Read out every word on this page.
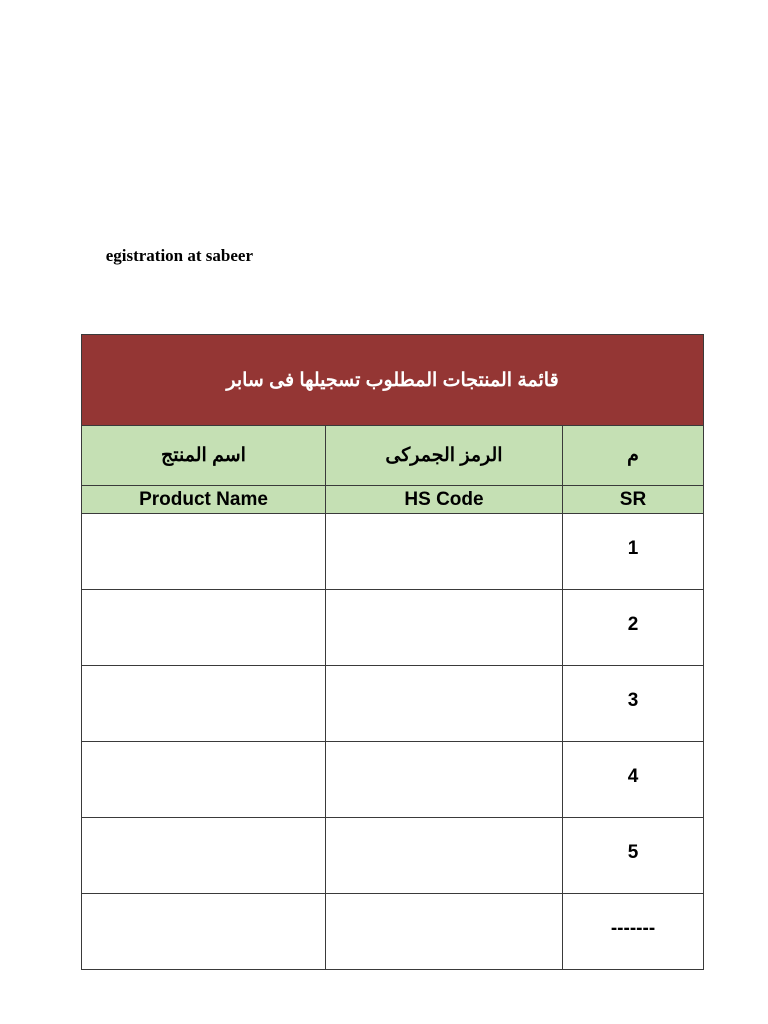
egistration at sabeer
قائمة المنتجات المطلوب تسجيلها فى سابر		
اسم المنتج	الرمز الجمركى	م
Product Name	HS Code	SR
		1
		2
		3
		4
		5
		-------
